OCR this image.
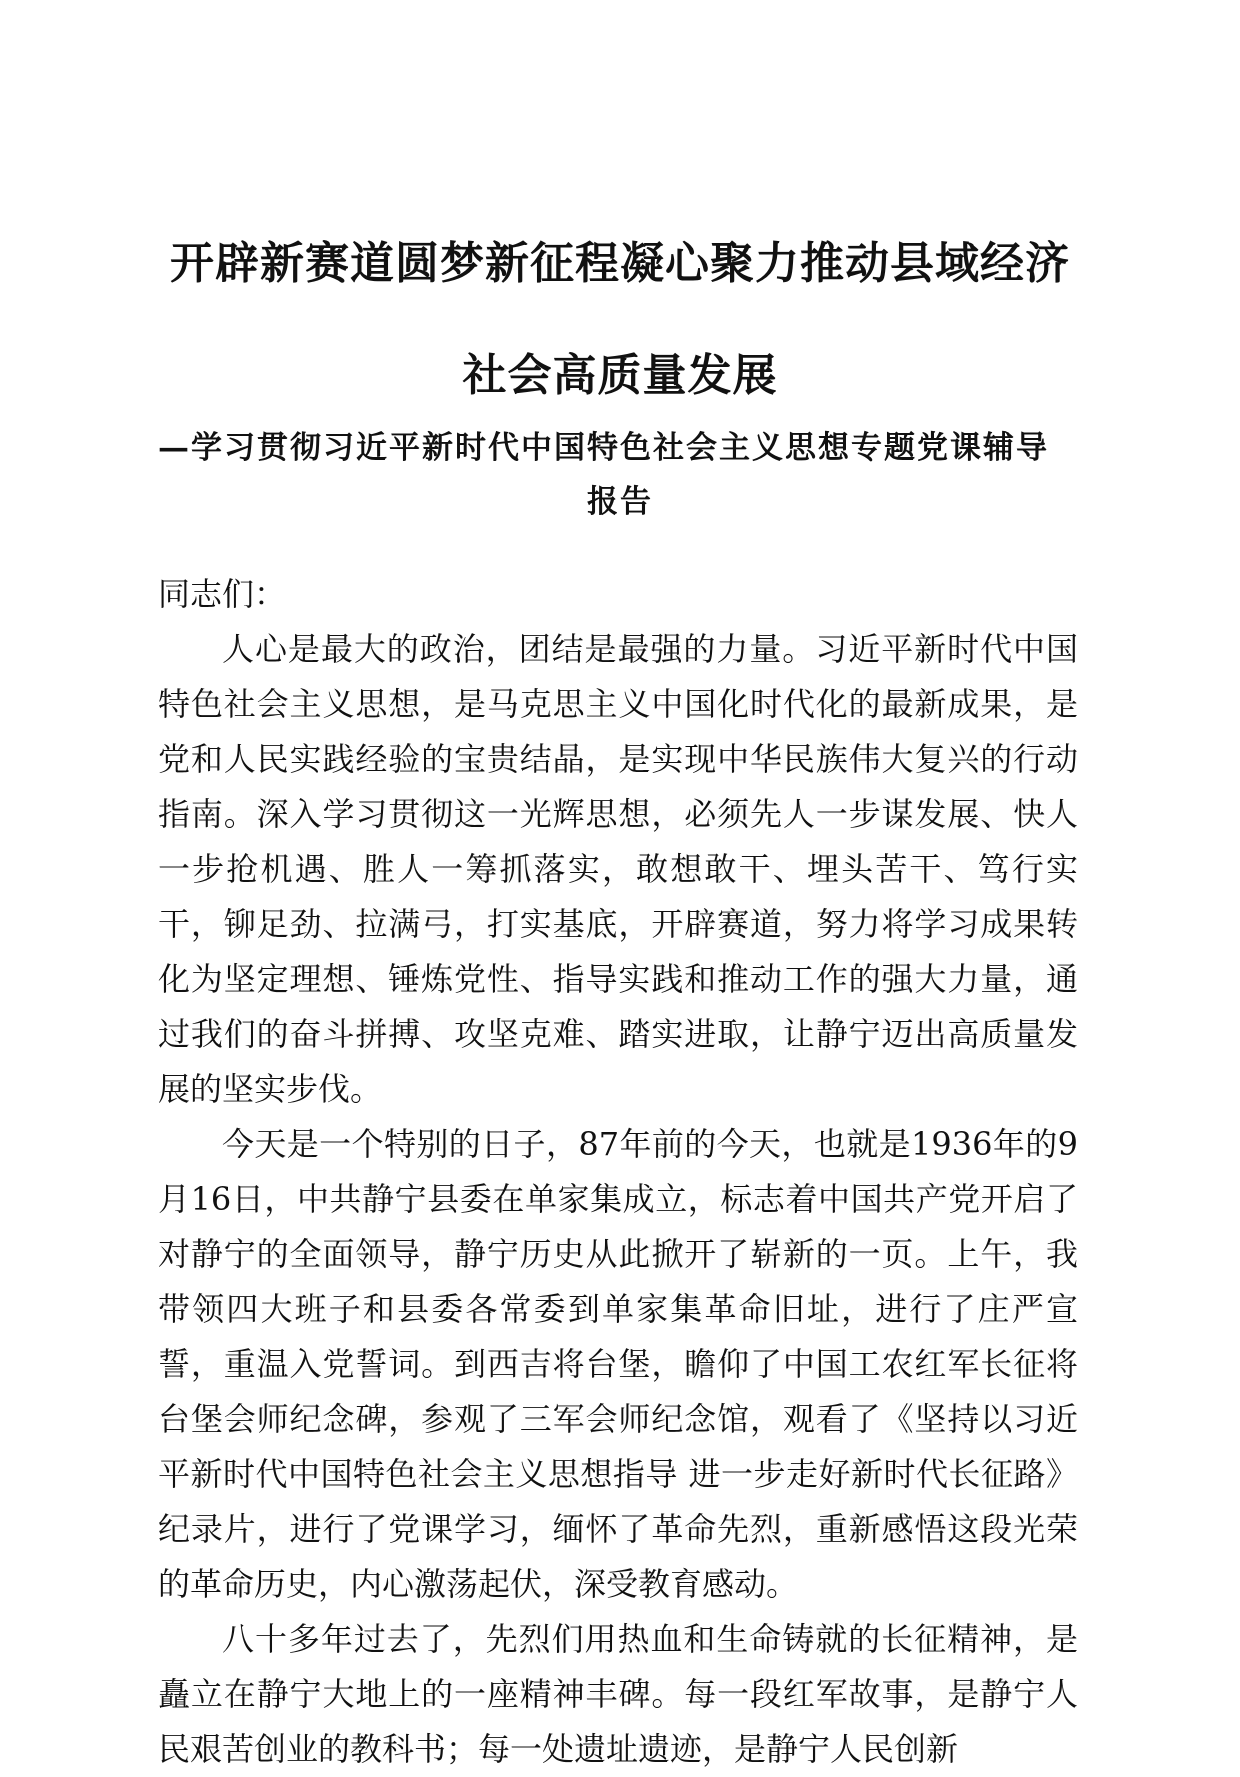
开辟新赛道圆梦新征程凝心聚力推动县域经济
社会高质量发展
—学习贯彻习近平新时代中国特色社会主义思想专题党课辅导
报告

同志们：

人心是最大的政治，团结是最强的力量。习近平新时代中国特色社会主义思想，是马克思主义中国化时代化的最新成果，是党和人民实践经验的宝贵结晶，是实现中华民族伟大复兴的行动指南。深入学习贯彻这一光辉思想，必须先人一步谋发展、快人一步抢机遇、胜人一筹抓落实，敢想敢干、埋头苦干、笃行实干，铆足劲、拉满弓，打实基底，开辟赛道，努力将学习成果转化为坚定理想、锤炼党性、指导实践和推动工作的强大力量，通过我们的奋斗拼搏、攻坚克难、踏实进取，让静宁迈出高质量发展的坚实步伐。

今天是一个特别的日子，87年前的今天，也就是1936年的9月16日，中共静宁县委在单家集成立，标志着中国共产党开启了对静宁的全面领导，静宁历史从此掀开了崭新的一页。上午，我带领四大班子和县委各常委到单家集革命旧址，进行了庄严宣誓，重温入党誓词。到西吉将台堡，瞻仰了中国工农红军长征将台堡会师纪念碑，参观了三军会师纪念馆，观看了《坚持以习近平新时代中国特色社会主义思想指导 进一步走好新时代长征路》纪录片，进行了党课学习，缅怀了革命先烈，重新感悟这段光荣的革命历史，内心激荡起伏，深受教育感动。

八十多年过去了，先烈们用热血和生命铸就的长征精神，是矗立在静宁大地上的一座精神丰碑。每一段红军故事，是静宁人民艰苦创业的教科书；每一处遗址遗迹，是静宁人民创新
